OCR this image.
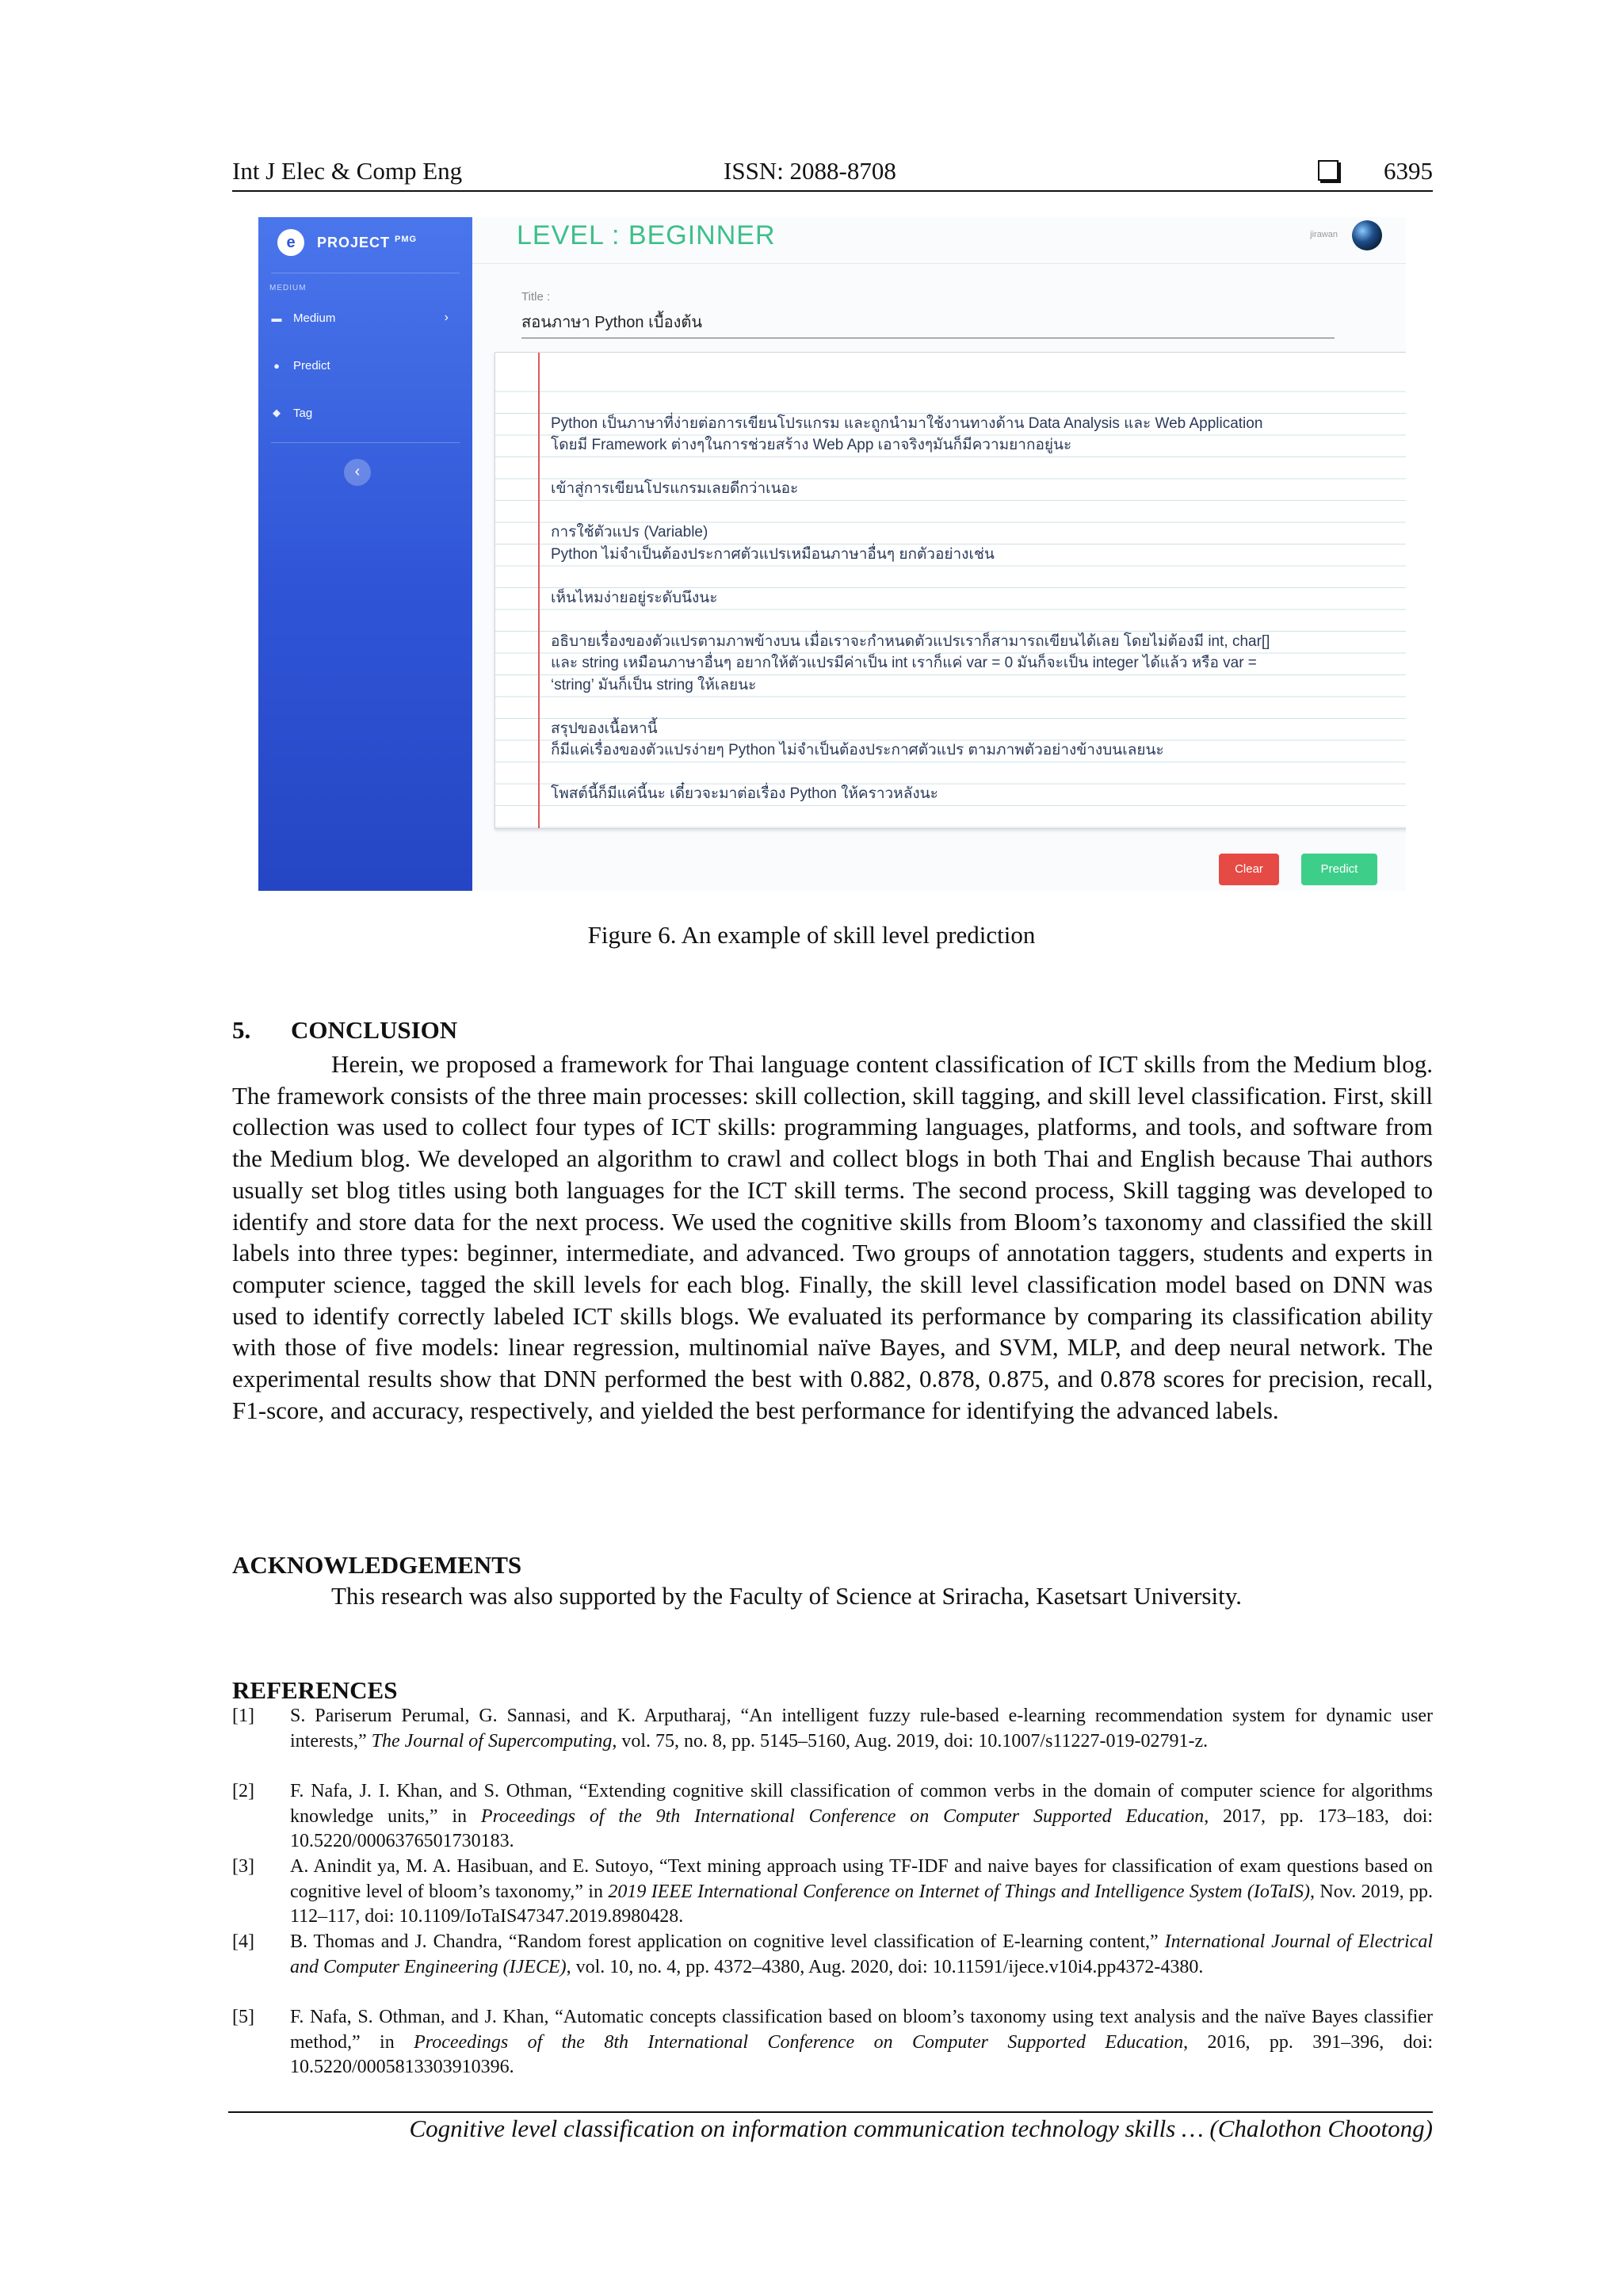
Int J Elec & Comp Eng	ISSN: 2088-8708	6395
e	PROJECT $^{PMG}$
MEDIUM
▬ Medium	›
●	Predict
◆ Tag
‹
LEVEL : BEGINNER	jirawan
Title :
สอนภาษา Python เบื้องต้น
Python เป็นภาษาที่ง่ายต่อการเขียนโปรแกรม และถูกนำมาใช้งานทางด้าน Data Analysis และ Web Application
โดยมี Framework ต่างๆในการช่วยสร้าง Web App เอาจริงๆมันก็มีความยากอยู่นะ
เข้าสู่การเขียนโปรแกรมเลยดีกว่าเนอะ
การใช้ตัวแปร (Variable)
Python ไม่จำเป็นต้องประกาศตัวแปรเหมือนภาษาอื่นๆ ยกตัวอย่างเช่น
เห็นไหมง่ายอยู่ระดับนึงนะ
อธิบายเรื่องของตัวแปรตามภาพข้างบน เมื่อเราจะกำหนดตัวแปรเราก็สามารถเขียนได้เลย โดยไม่ต้องมี int, char[]
และ string เหมือนภาษาอื่นๆ อยากให้ตัวแปรมีค่าเป็น int เราก็แค่ var = 0 มันก็จะเป็น integer ได้แล้ว หรือ var =
‘string’ มันก็เป็น string ให้เลยนะ
สรุปของเนื้อหานี้
ก็มีแค่เรื่องของตัวแปรง่ายๆ Python ไม่จำเป็นต้องประกาศตัวแปร ตามภาพตัวอย่างข้างบนเลยนะ
โพสต์นี้ก็มีแค่นี้นะ เดี๋ยวจะมาต่อเรื่อง Python ให้คราวหลังนะ
Clear	Predict
Figure 6. An example of skill level prediction
5. CONCLUSION
Herein, we proposed a framework for Thai language content classification of ICT skills from the Medium blog. The framework consists of the three main processes: skill collection, skill tagging, and skill level classification. First, skill collection was used to collect four types of ICT skills: programming languages, platforms, and tools, and software from the Medium blog. We developed an algorithm to crawl and collect blogs in both Thai and English because Thai authors usually set blog titles using both languages for the ICT skill terms. The second process, Skill tagging was developed to identify and store data for the next process. We used the cognitive skills from Bloom’s taxonomy and classified the skill labels into three types: beginner, intermediate, and advanced. Two groups of annotation taggers, students and experts in computer science, tagged the skill levels for each blog. Finally, the skill level classification model based on DNN was used to identify correctly labeled ICT skills blogs. We evaluated its performance by comparing its classification ability with those of five models: linear regression, multinomial naïve Bayes, and SVM, MLP, and deep neural network. The experimental results show that DNN performed the best with 0.882, 0.878, 0.875, and 0.878 scores for precision, recall, F1-score, and accuracy, respectively, and yielded the best performance for identifying the advanced labels.
ACKNOWLEDGEMENTS
This research was also supported by the Faculty of Science at Sriracha, Kasetsart University.
REFERENCES
[1] S. Pariserum Perumal, G. Sannasi, and K. Arputharaj, “An intelligent fuzzy rule-based e-learning recommendation system for dynamic user interests,” The Journal of Supercomputing, vol. 75, no. 8, pp. 5145–5160, Aug. 2019, doi: 10.1007/s11227-019-02791-z.
[2] F. Nafa, J. I. Khan, and S. Othman, “Extending cognitive skill classification of common verbs in the domain of computer science for algorithms knowledge units,” in Proceedings of the 9th International Conference on Computer Supported Education, 2017, pp. 173–183, doi: 10.5220/0006376501730183.
[3] A. Anindit ya, M. A. Hasibuan, and E. Sutoyo, “Text mining approach using TF-IDF and naive bayes for classification of exam questions based on cognitive level of bloom’s taxonomy,” in 2019 IEEE International Conference on Internet of Things and Intelligence System (IoTaIS), Nov. 2019, pp. 112–117, doi: 10.1109/IoTaIS47347.2019.8980428.
[4] B. Thomas and J. Chandra, “Random forest application on cognitive level classification of E-learning content,” International Journal of Electrical and Computer Engineering (IJECE), vol. 10, no. 4, pp. 4372–4380, Aug. 2020, doi: 10.11591/ijece.v10i4.pp4372-4380.
[5] F. Nafa, S. Othman, and J. Khan, “Automatic concepts classification based on bloom’s taxonomy using text analysis and the naïve Bayes classifier method,” in Proceedings of the 8th International Conference on Computer Supported Education, 2016, pp. 391–396, doi: 10.5220/0005813303910396.
Cognitive level classification on information communication technology skills … (Chalothon Chootong)
